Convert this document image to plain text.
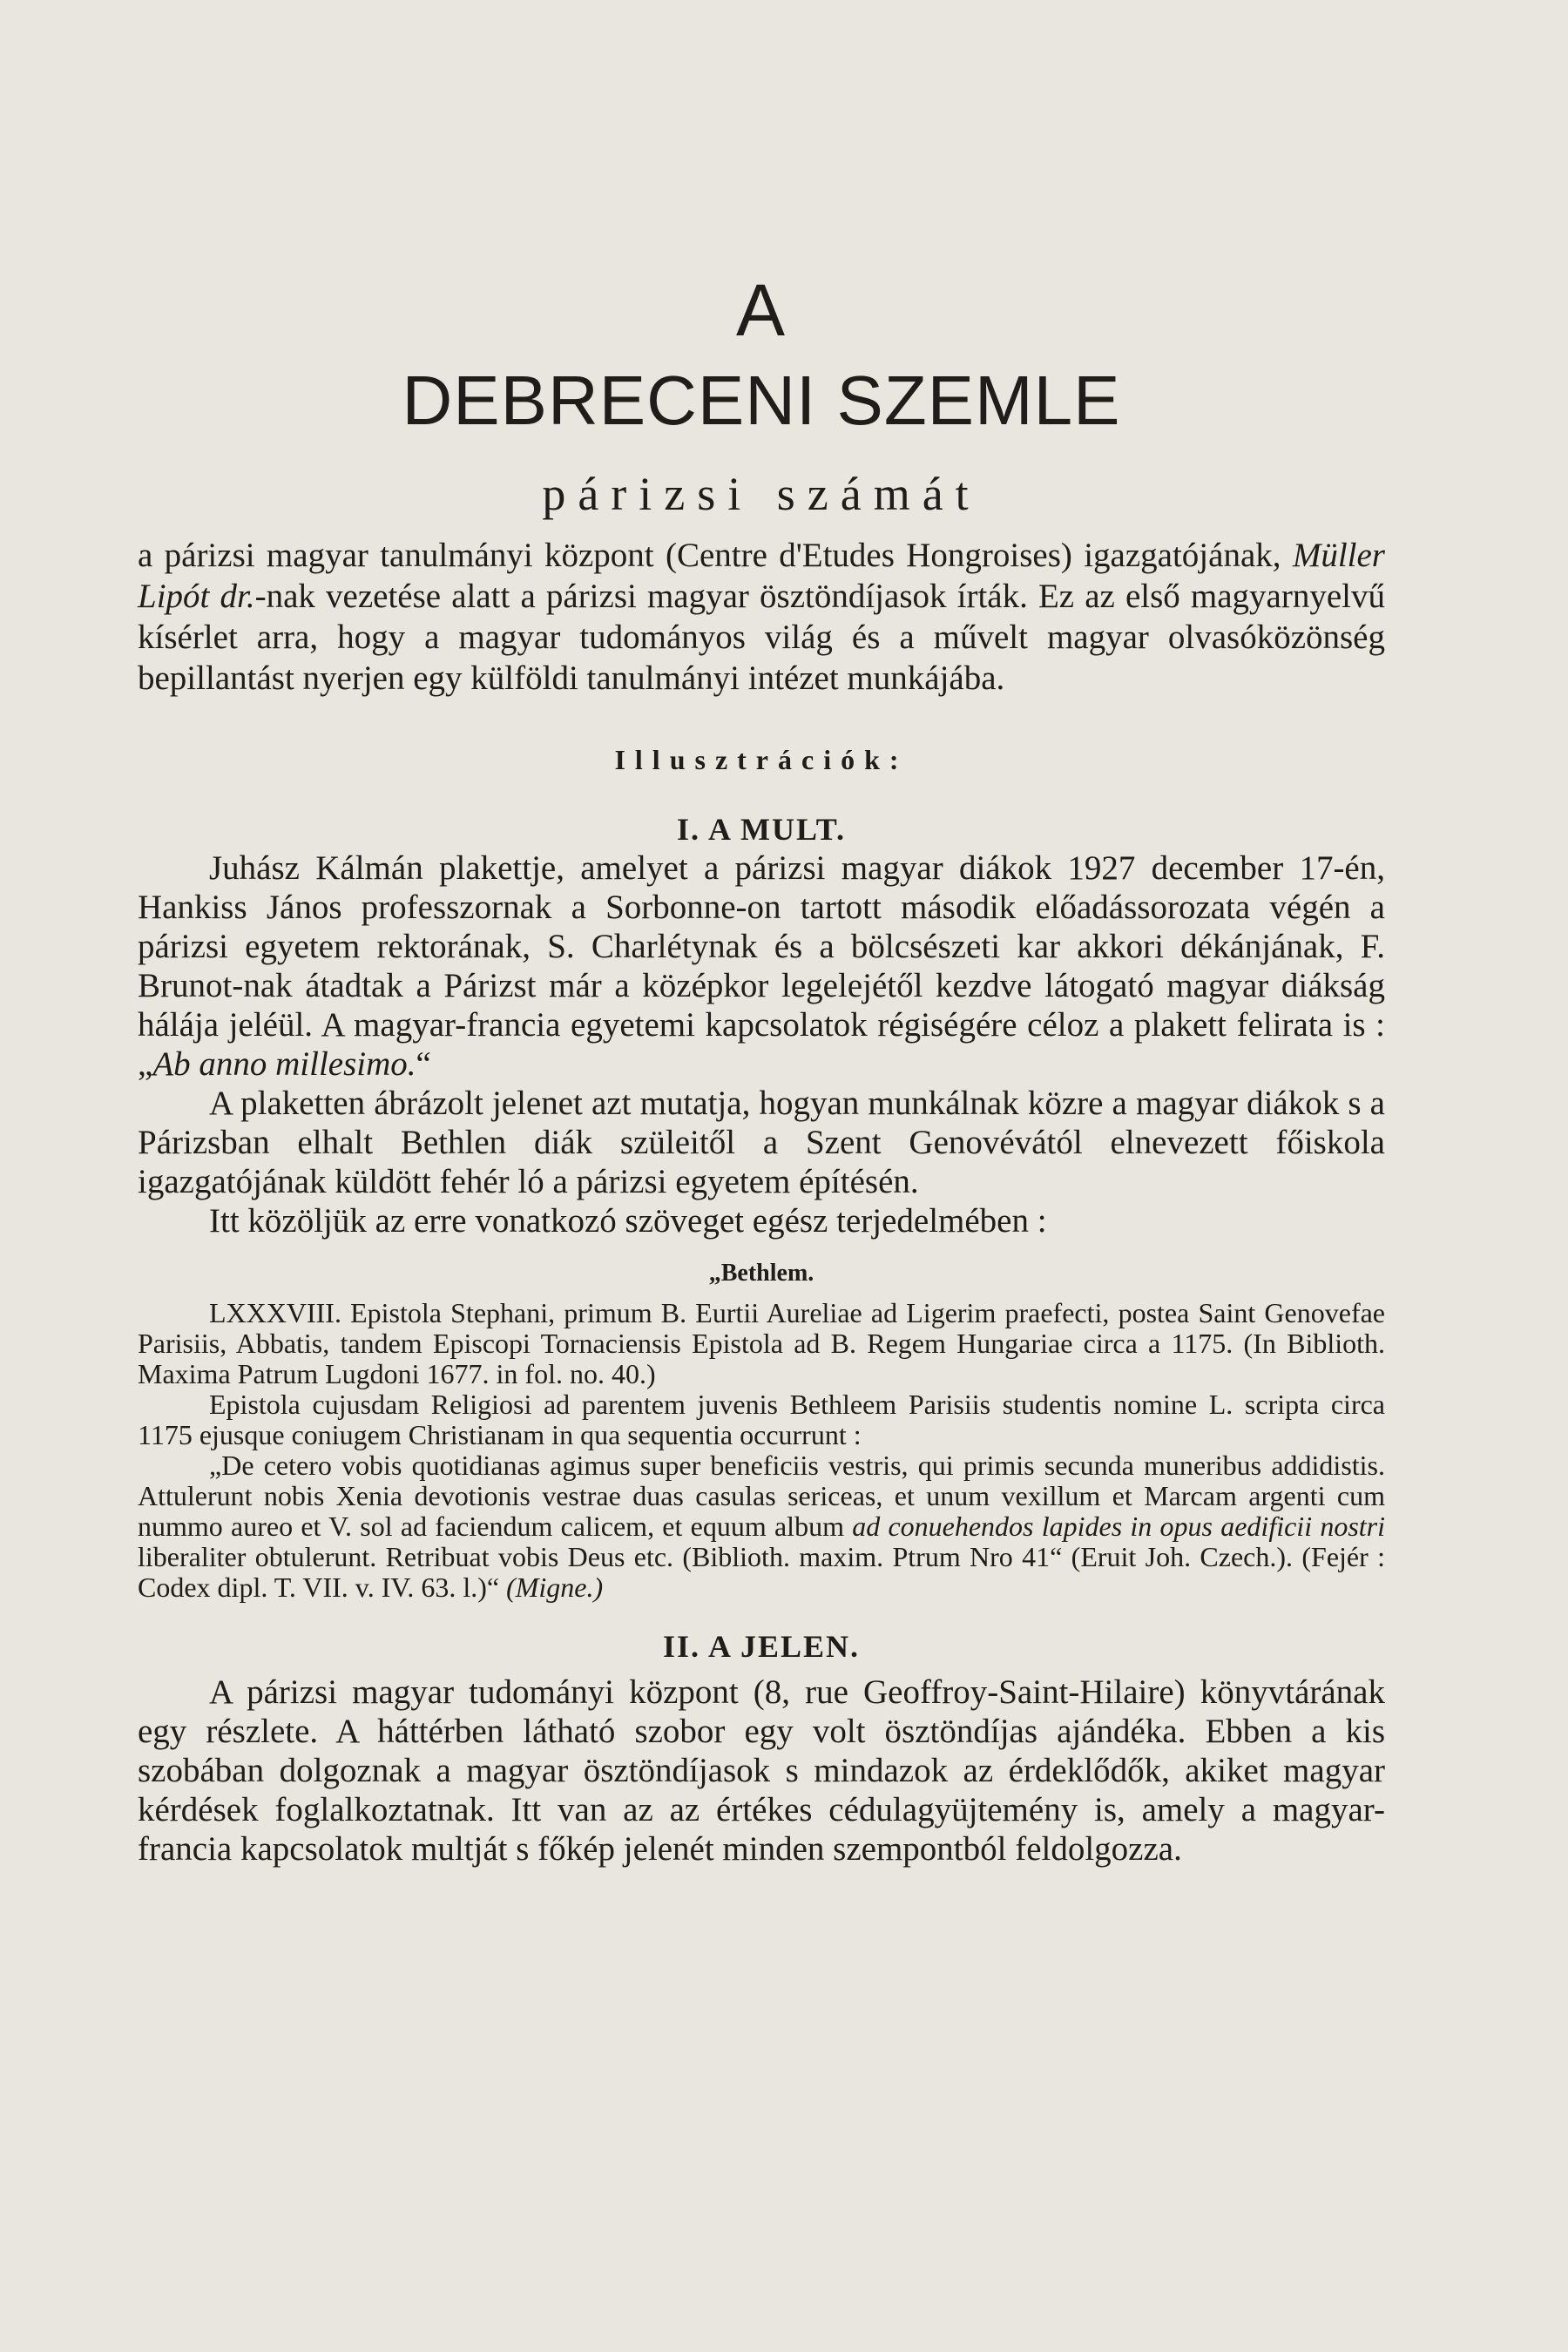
A
DEBRECENI SZEMLE
párizsi számát

a párizsi magyar tanulmányi központ (Centre d'Etudes Hongroises) igazgatójának, Müller Lipót dr.-nak vezetése alatt a párizsi magyar ösztöndíjasok írták. Ez az első magyarnyelvű kísérlet arra, hogy a magyar tudományos világ és a művelt magyar olvasóközönség bepillantást nyerjen egy külföldi tanulmányi intézet munkájába.

Illusztrációk:
I. A MULT.

Juhász Kálmán plakettje, amelyet a párizsi magyar diákok 1927 december 17-én, Hankiss János professzornak a Sorbonne-on tartott második előadássorozata végén a párizsi egyetem rektorának, S. Charlétynak és a bölcsészeti kar akkori dékánjának, F. Brunot-nak átadtak a Párizst már a középkor legelejétől kezdve látogató magyar diákság hálája jeléül. A magyar-francia egyetemi kapcsolatok régiségére céloz a plakett felirata is : „Ab anno millesimo.“

A plaketten ábrázolt jelenet azt mutatja, hogyan munkálnak közre a magyar diákok s a Párizsban elhalt Bethlen diák szüleitől a Szent Genovévától elnevezett főiskola igazgatójának küldött fehér ló a párizsi egyetem építésén.

Itt közöljük az erre vonatkozó szöveget egész terjedelmében :

„Bethlem.

LXXXVIII. Epistola Stephani, primum B. Eurtii Aureliae ad Ligerim praefecti, postea Saint Genovefae Parisiis, Abbatis, tandem Episcopi Tornaciensis Epistola ad B. Regem Hungariae circa a 1175. (In Biblioth. Maxima Patrum Lugdoni 1677. in fol. no. 40.)

Epistola cujusdam Religiosi ad parentem juvenis Bethleem Parisiis studentis nomine L. scripta circa 1175 ejusque coniugem Christianam in qua sequentia occurrunt :

„De cetero vobis quotidianas agimus super beneficiis vestris, qui primis secunda muneribus addidistis. Attulerunt nobis Xenia devotionis vestrae duas casulas sericeas, et unum vexillum et Marcam argenti cum nummo aureo et V. sol ad faciendum calicem, et equum album ad conuehendos lapides in opus aedificii nostri liberaliter obtulerunt. Retribuat vobis Deus etc. (Biblioth. maxim. Ptrum Nro 41“ (Eruit Joh. Czech.). (Fejér : Codex dipl. T. VII. v. IV. 63. l.)“ (Migne.)

II. A JELEN.

A párizsi magyar tudományi központ (8, rue Geoffroy-Saint-Hilaire) könyvtárának egy részlete. A háttérben látható szobor egy volt ösztöndíjas ajándéka. Ebben a kis szobában dolgoznak a magyar ösztöndíjasok s mindazok az érdeklődők, akiket magyar kérdések foglalkoztatnak. Itt van az az értékes cédulagyüjtemény is, amely a magyar-francia kapcsolatok multját s főkép jelenét minden szempontból feldolgozza.
